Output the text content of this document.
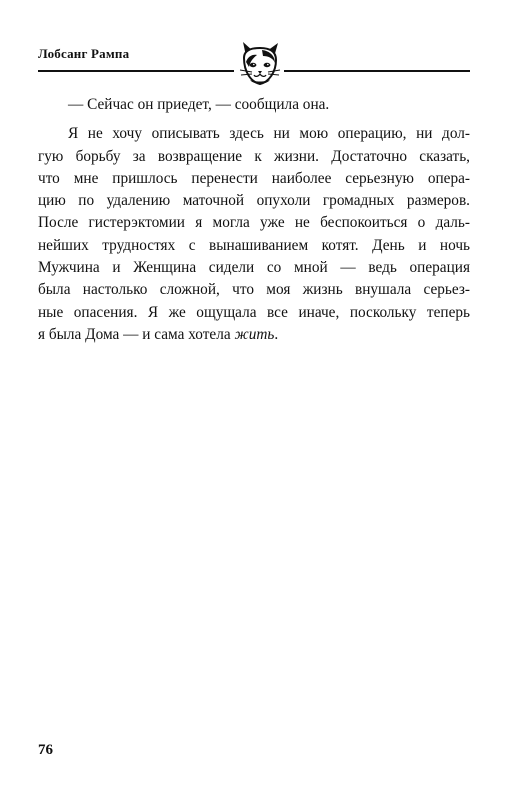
Лобсанг Рампа
— Сейчас он приедет, — сообщила она.
Я не хочу описывать здесь ни мою операцию, ни дол-
гую борьбу за возвращение к жизни. Достаточно сказать,
что мне пришлось перенести наиболее серьезную опера-
цию по удалению маточной опухоли громадных размеров.
После гистерэктомии я могла уже не беспокоиться о даль-
нейших трудностях с вынашиванием котят. День и ночь
Мужчина и Женщина сидели со мной — ведь операция
была настолько сложной, что моя жизнь внушала серьез-
ные опасения. Я же ощущала все иначе, поскольку теперь
я была Дома — и сама хотела жить.
76
